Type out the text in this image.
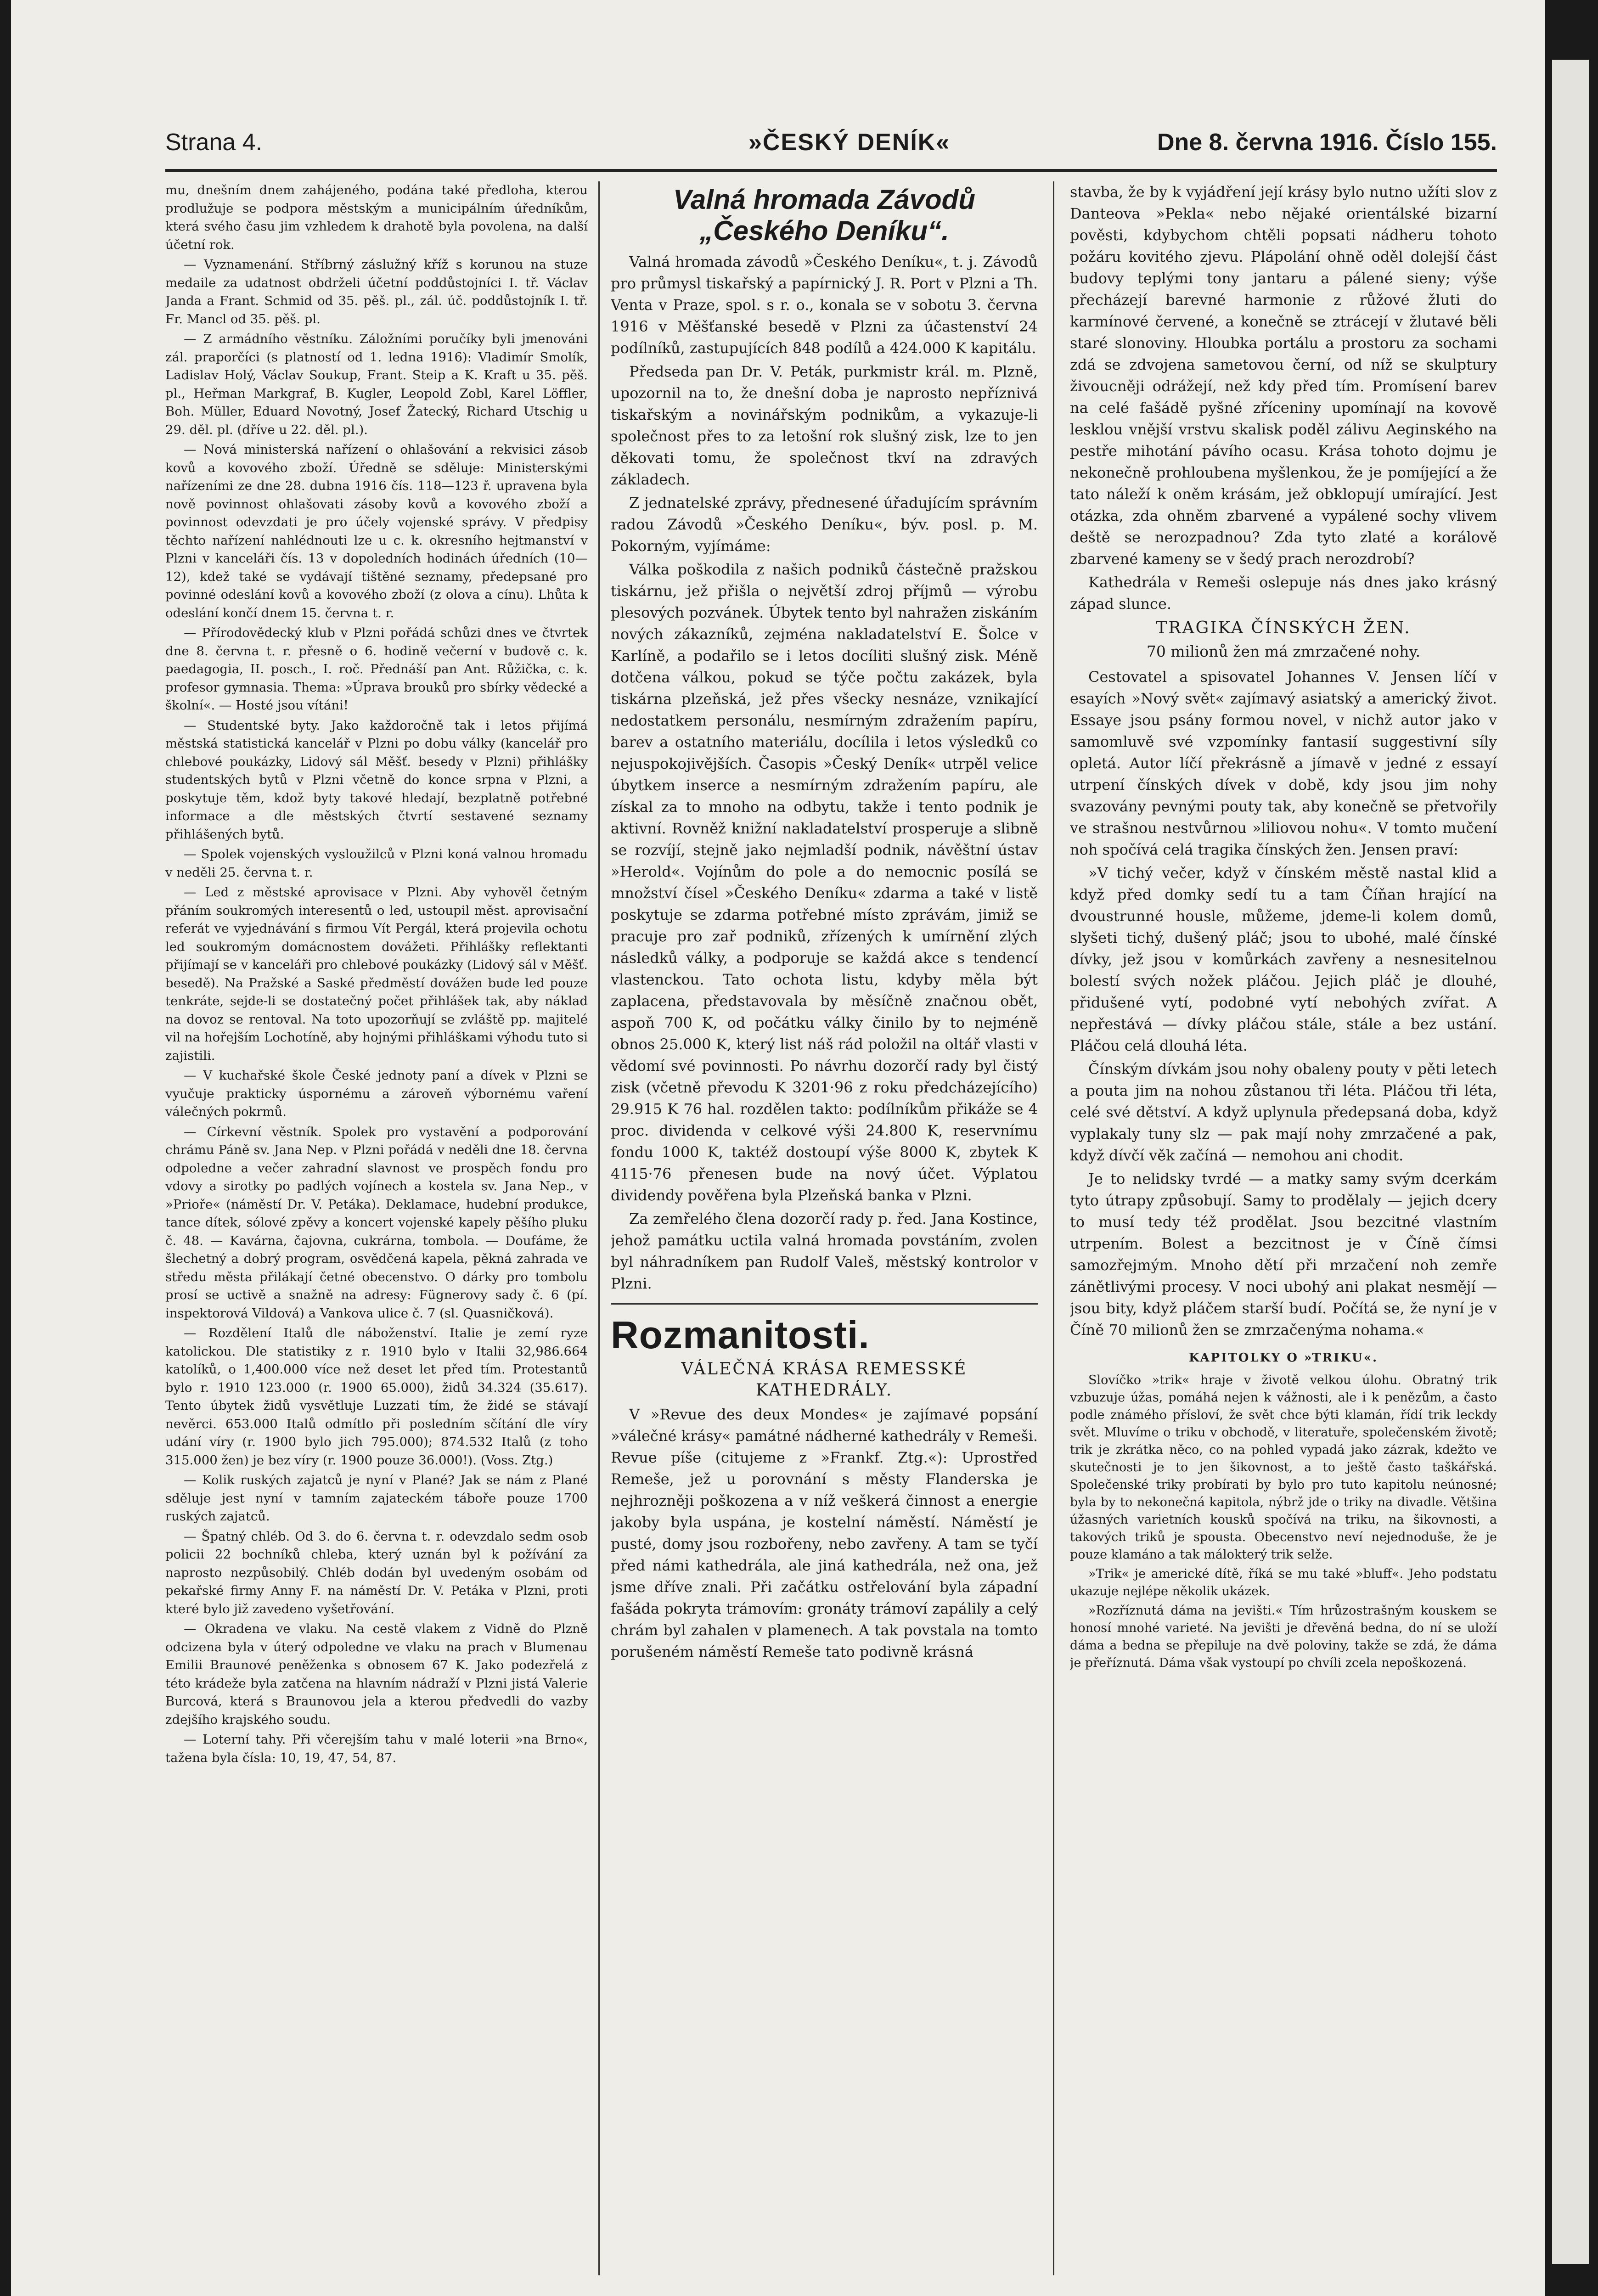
Strana 4.	»ČESKÝ DENÍK«	Dne 8. června 1916. Číslo 155.

mu, dnešním dnem zahájeného, podána také předloha, kterou prodlužuje se podpora městským a municipálním úředníkům, která svého času jim vzhledem k drahotě byla povolena, na další účetní rok.

— Vyznamenání. Stříbrný záslužný kříž s korunou na stuze medaile za udatnost obdrželi účetní poddůstojníci I. tř. Václav Janda a Frant. Schmid od 35. pěš. pl., zál. úč. poddůstojník I. tř. Fr. Mancl od 35. pěš. pl.

— Z armádního věstníku. Záložními poručíky byli jmenováni zál. praporčíci (s platností od 1. ledna 1916): Vladimír Smolík, Ladislav Holý, Václav Soukup, Frant. Steip a K. Kraft u 35. pěš. pl., Heřman Markgraf, B. Kugler, Leopold Zobl, Karel Löffler, Boh. Müller, Eduard Novotný, Josef Žatecký, Richard Utschig u 29. děl. pl. (dříve u 22. děl. pl.).

— Nová ministerská nařízení o ohlašování a rekvisici zásob kovů a kovového zboží. Úředně se sděluje: Ministerskými nařízeními ze dne 28. dubna 1916 čís. 118—123 ř. upravena byla nově povinnost ohlašovati zásoby kovů a kovového zboží a povinnost odevzdati je pro účely vojenské správy. V předpisy těchto nařízení nahlédnouti lze u c. k. okresního hejtmanství v Plzni v kanceláři čís. 13 v dopoledních hodinách úředních (10—12), kdež také se vydávají tištěné seznamy, předepsané pro povinné odeslání kovů a kovového zboží (z olova a cínu). Lhůta k odeslání končí dnem 15. června t. r.

— Přírodovědecký klub v Plzni pořádá schůzi dnes ve čtvrtek dne 8. června t. r. přesně o 6. hodině večerní v budově c. k. paedagogia, II. posch., I. roč. Přednáší pan Ant. Růžička, c. k. profesor gymnasia. Thema: »Úprava brouků pro sbírky vědecké a školní«. — Hosté jsou vítáni!

— Studentské byty. Jako každoročně tak i letos přijímá městská statistická kancelář v Plzni po dobu války (kancelář pro chlebové poukázky, Lidový sál Měšť. besedy v Plzni) přihlášky studentských bytů v Plzni včetně do konce srpna v Plzni, a poskytuje těm, kdož byty takové hledají, bezplatně potřebné informace a dle městských čtvrtí sestavené seznamy přihlášených bytů.

— Spolek vojenských vysloužilců v Plzni koná valnou hromadu v neděli 25. června t. r.

— Led z městské aprovisace v Plzni. Aby vyhověl četným přáním soukromých interesentů o led, ustoupil měst. aprovisační referát ve vyjednávání s firmou Vít Pergál, která projevila ochotu led soukromým domácnostem dovážeti. Přihlášky reflektanti přijímají se v kanceláři pro chlebové poukázky (Lidový sál v Měšť. besedě). Na Pražské a Saské předměstí dovážen bude led pouze tenkráte, sejde-li se dostatečný počet přihlášek tak, aby náklad na dovoz se rentoval. Na toto upozorňují se zvláště pp. majitelé vil na hořejším Lochotíně, aby hojnými přihláškami výhodu tuto si zajistili.

— V kuchařské škole České jednoty paní a dívek v Plzni se vyučuje prakticky úspornému a zároveň výbornému vaření válečných pokrmů.

— Církevní věstník. Spolek pro vystavění a podporování chrámu Páně sv. Jana Nep. v Plzni pořádá v neděli dne 18. června odpoledne a večer zahradní slavnost ve prospěch fondu pro vdovy a sirotky po padlých vojínech a kostela sv. Jana Nep., v »Prioře« (náměstí Dr. V. Petáka). Deklamace, hudební produkce, tance dítek, sólové zpěvy a koncert vojenské kapely pěšího pluku č. 48. — Kavárna, čajovna, cukrárna, tombola. — Doufáme, že šlechetný a dobrý program, osvědčená kapela, pěkná zahrada ve středu města přilákají četné obecenstvo. O dárky pro tombolu prosí se uctivě a snažně na adresy: Fügnerovy sady č. 6 (pí. inspektorová Vildová) a Vankova ulice č. 7 (sl. Quasničková).

— Rozdělení Italů dle náboženství. Italie je zemí ryze katolickou. Dle statistiky z r. 1910 bylo v Italii 32,986.664 katolíků, o 1,400.000 více než deset let před tím. Protestantů bylo r. 1910 123.000 (r. 1900 65.000), židů 34.324 (35.617). Tento úbytek židů vysvětluje Luzzati tím, že židé se stávají nevěrci. 653.000 Italů odmítlo při posledním sčítání dle víry udání víry (r. 1900 bylo jich 795.000); 874.532 Italů (z toho 315.000 žen) je bez víry (r. 1900 pouze 36.000!). (Voss. Ztg.)

— Kolik ruských zajatců je nyní v Plané? Jak se nám z Plané sděluje jest nyní v tamním zajateckém táboře pouze 1700 ruských zajatců.

— Špatný chléb. Od 3. do 6. června t. r. odevzdalo sedm osob policii 22 bochníků chleba, který uznán byl k požívání za naprosto nezpůsobilý. Chléb dodán byl uvedeným osobám od pekařské firmy Anny F. na náměstí Dr. V. Petáka v Plzni, proti které bylo již zavedeno vyšetřování.

— Okradena ve vlaku. Na cestě vlakem z Vidně do Plzně odcizena byla v úterý odpoledne ve vlaku na prach v Blumenau Emilii Braunové peněženka s obnosem 67 K. Jako podezřelá z této krádeže byla zatčena na hlavním nádraží v Plzni jistá Valerie Burcová, která s Braunovou jela a kterou předvedli do vazby zdejšího krajského soudu.

— Loterní tahy. Při včerejším tahu v malé loterii »na Brno«, tažena byla čísla: 10, 19, 47, 54, 87.

Valná hromada Závodů „Českého Deníku“.

Valná hromada závodů »Českého Deníku«, t. j. Závodů pro průmysl tiskařský a papírnický J. R. Port v Plzni a Th. Venta v Praze, spol. s r. o., konala se v sobotu 3. června 1916 v Měšťanské besedě v Plzni za účastenství 24 podílníků, zastupujících 848 podílů a 424.000 K kapitálu.

Předseda pan Dr. V. Peták, purkmistr král. m. Plzně, upozornil na to, že dnešní doba je naprosto nepříznivá tiskařským a novinářským podnikům, a vykazuje-li společnost přes to za letošní rok slušný zisk, lze to jen děkovati tomu, že společnost tkví na zdravých základech.

Z jednatelské zprávy, přednesené úřadujícím správním radou Závodů »Českého Deníku«, býv. posl. p. M. Pokorným, vyjímáme:

Válka poškodila z našich podniků částečně pražskou tiskárnu, jež přišla o největší zdroj příjmů — výrobu plesových pozvánek. Úbytek tento byl nahražen ziskáním nových zákazníků, zejména nakladatelství E. Šolce v Karlíně, a podařilo se i letos docíliti slušný zisk. Méně dotčena válkou, pokud se týče počtu zakázek, byla tiskárna plzeňská, jež přes všecky nesnáze, vznikající nedostatkem personálu, nesmírným zdražením papíru, barev a ostatního materiálu, docílila i letos výsledků co nejuspokojivějších. Časopis »Český Deník« utrpěl velice úbytkem inserce a nesmírným zdražením papíru, ale získal za to mnoho na odbytu, takže i tento podnik je aktivní. Rovněž knižní nakladatelství prosperuje a slibně se rozvíjí, stejně jako nejmladší podnik, návěštní ústav »Herold«. Vojínům do pole a do nemocnic posílá se množství čísel »Českého Deníku« zdarma a také v listě poskytuje se zdarma potřebné místo zprávám, jimiž se pracuje pro zař podniků, zřízených k umírnění zlých následků války, a podporuje se každá akce s tendencí vlastenckou. Tato ochota listu, kdyby měla být zaplacena, představovala by měsíčně značnou obět, aspoň 700 K, od počátku války činilo by to nejméně obnos 25.000 K, který list náš rád položil na oltář vlasti v vědomí své povinnosti. Po návrhu dozorčí rady byl čistý zisk (včetně převodu K 3201·96 z roku předcházejícího) 29.915 K 76 hal. rozdělen takto: podílníkům přikáže se 4 proc. dividenda v celkové výši 24.800 K, reservnímu fondu 1000 K, taktéž dostoupí výše 8000 K, zbytek K 4115·76 přenesen bude na nový účet. Výplatou dividendy pověřena byla Plzeňská banka v Plzni.

Za zemřelého člena dozorčí rady p. řed. Jana Kostince, jehož památku uctila valná hromada povstáním, zvolen byl náhradníkem pan Rudolf Valeš, městský kontrolor v Plzni.

Rozmanitosti.
VÁLEČNÁ KRÁSA REMESSKÉ KATHEDRÁLY.

V »Revue des deux Mondes« je zajímavé popsání »válečné krásy« památné nádherné kathedrály v Remeši. Revue píše (citujeme z »Frankf. Ztg.«): Uprostřed Remeše, jež u porovnání s městy Flanderska je nejhrozněji poškozena a v níž veškerá činnost a energie jakoby byla uspána, je kostelní náměstí. Náměstí je pusté, domy jsou rozbořeny, nebo zavřeny. A tam se tyčí před námi kathedrála, ale jiná kathedrála, než ona, jež jsme dříve znali. Při začátku ostřelování byla západní fašáda pokryta trámovím: gronáty trámoví zapálily a celý chrám byl zahalen v plamenech. A tak povstala na tomto porušeném náměstí Remeše tato podivně krásná

stavba, že by k vyjádření její krásy bylo nutno užíti slov z Danteova »Pekla« nebo nějaké orientálské bizarní pověsti, kdybychom chtěli popsati nádheru tohoto požáru kovitého zjevu. Plápolání ohně oděl dolejší část budovy teplými tony jantaru a pálené sieny; výše přecházejí barevné harmonie z růžové žluti do karmínové červené, a konečně se ztrácejí v žlutavé běli staré slonoviny. Hloubka portálu a prostoru za sochami zdá se zdvojena sametovou černí, od níž se skulptury živoucněji odrážejí, než kdy před tím. Promísení barev na celé fašádě pyšné zříceniny upomínají na kovově lesklou vnější vrstvu skalisk poděl zálivu Aeginského na pestře mihotání pávího ocasu. Krása tohoto dojmu je nekonečně prohloubena myšlenkou, že je pomíjející a že tato náleží k oněm krásám, jež obklopují umírající. Jest otázka, zda ohněm zbarvené a vypálené sochy vlivem deště se nerozpadnou? Zda tyto zlaté a korálově zbarvené kameny se v šedý prach nerozdrobí?

Kathedrála v Remeši oslepuje nás dnes jako krásný západ slunce.

TRAGIKA ČÍNSKÝCH ŽEN.
70 milionů žen má zmrzačené nohy.

Cestovatel a spisovatel Johannes V. Jensen líčí v esayích »Nový svět« zajímavý asiatský a americký život. Essaye jsou psány formou novel, v nichž autor jako v samomluvě své vzpomínky fantasií suggestivní síly opletá. Autor líčí překrásně a jímavě v jedné z essayí utrpení čínských dívek v době, kdy jsou jim nohy svazovány pevnými pouty tak, aby konečně se přetvořily ve strašnou nestvůrnou »liliovou nohu«. V tomto mučení noh spočívá celá tragika čínských žen. Jensen praví:

»V tichý večer, když v čínském městě nastal klid a když před domky sedí tu a tam Číňan hrající na dvoustrunné housle, můžeme, jdeme-li kolem domů, slyšeti tichý, dušený pláč; jsou to ubohé, malé čínské dívky, jež jsou v komůrkách zavřeny a nesnesitelnou bolestí svých nožek pláčou. Jejich pláč je dlouhé, přidušené vytí, podobné vytí nebohých zvířat. A nepřestává — dívky pláčou stále, stále a bez ustání. Pláčou celá dlouhá léta.

Čínským dívkám jsou nohy obaleny pouty v pěti letech a pouta jim na nohou zůstanou tři léta. Pláčou tři léta, celé své dětství. A když uplynula předepsaná doba, když vyplakaly tuny slz — pak mají nohy zmrzačené a pak, když dívčí věk začíná — nemohou ani chodit.

Je to nelidsky tvrdé — a matky samy svým dcerkám tyto útrapy způsobují. Samy to prodělaly — jejich dcery to musí tedy též prodělat. Jsou bezcitné vlastním utrpením. Bolest a bezcitnost je v Číně čímsi samozřejmým. Mnoho dětí při mrzačení noh zemře zánětlivými procesy. V noci ubohý ani plakat nesmějí — jsou bity, když pláčem starší budí. Počítá se, že nyní je v Číně 70 milionů žen se zmrzačenýma nohama.«

KAPITOLKY O »TRIKU«.

Slovíčko »trik« hraje v životě velkou úlohu. Obratný trik vzbuzuje úžas, pomáhá nejen k vážnosti, ale i k penězům, a často podle známého přísloví, že svět chce býti klamán, řídí trik leckdy svět. Mluvíme o triku v obchodě, v literatuře, společenském životě; trik je zkrátka něco, co na pohled vypadá jako zázrak, kdežto ve skutečnosti je to jen šikovnost, a to ještě často taškářská. Společenské triky probírati by bylo pro tuto kapitolu neúnosné; byla by to nekonečná kapitola, nýbrž jde o triky na divadle. Většina úžasných varietních kousků spočívá na triku, na šikovnosti, a takových triků je spousta. Obecenstvo neví nejednoduše, že je pouze klamáno a tak málokterý trik selže.

»Trik« je americké dítě, říká se mu také »bluff«. Jeho podstatu ukazuje nejlépe několik ukázek.

»Rozříznutá dáma na jevišti.« Tím hrůzostrašným kouskem se honosí mnohé varieté. Na jevišti je dřevěná bedna, do ní se uloží dáma a bedna se přepiluje na dvě poloviny, takže se zdá, že dáma je přeříznutá. Dáma však vystoupí po chvíli zcela nepoškozená.
